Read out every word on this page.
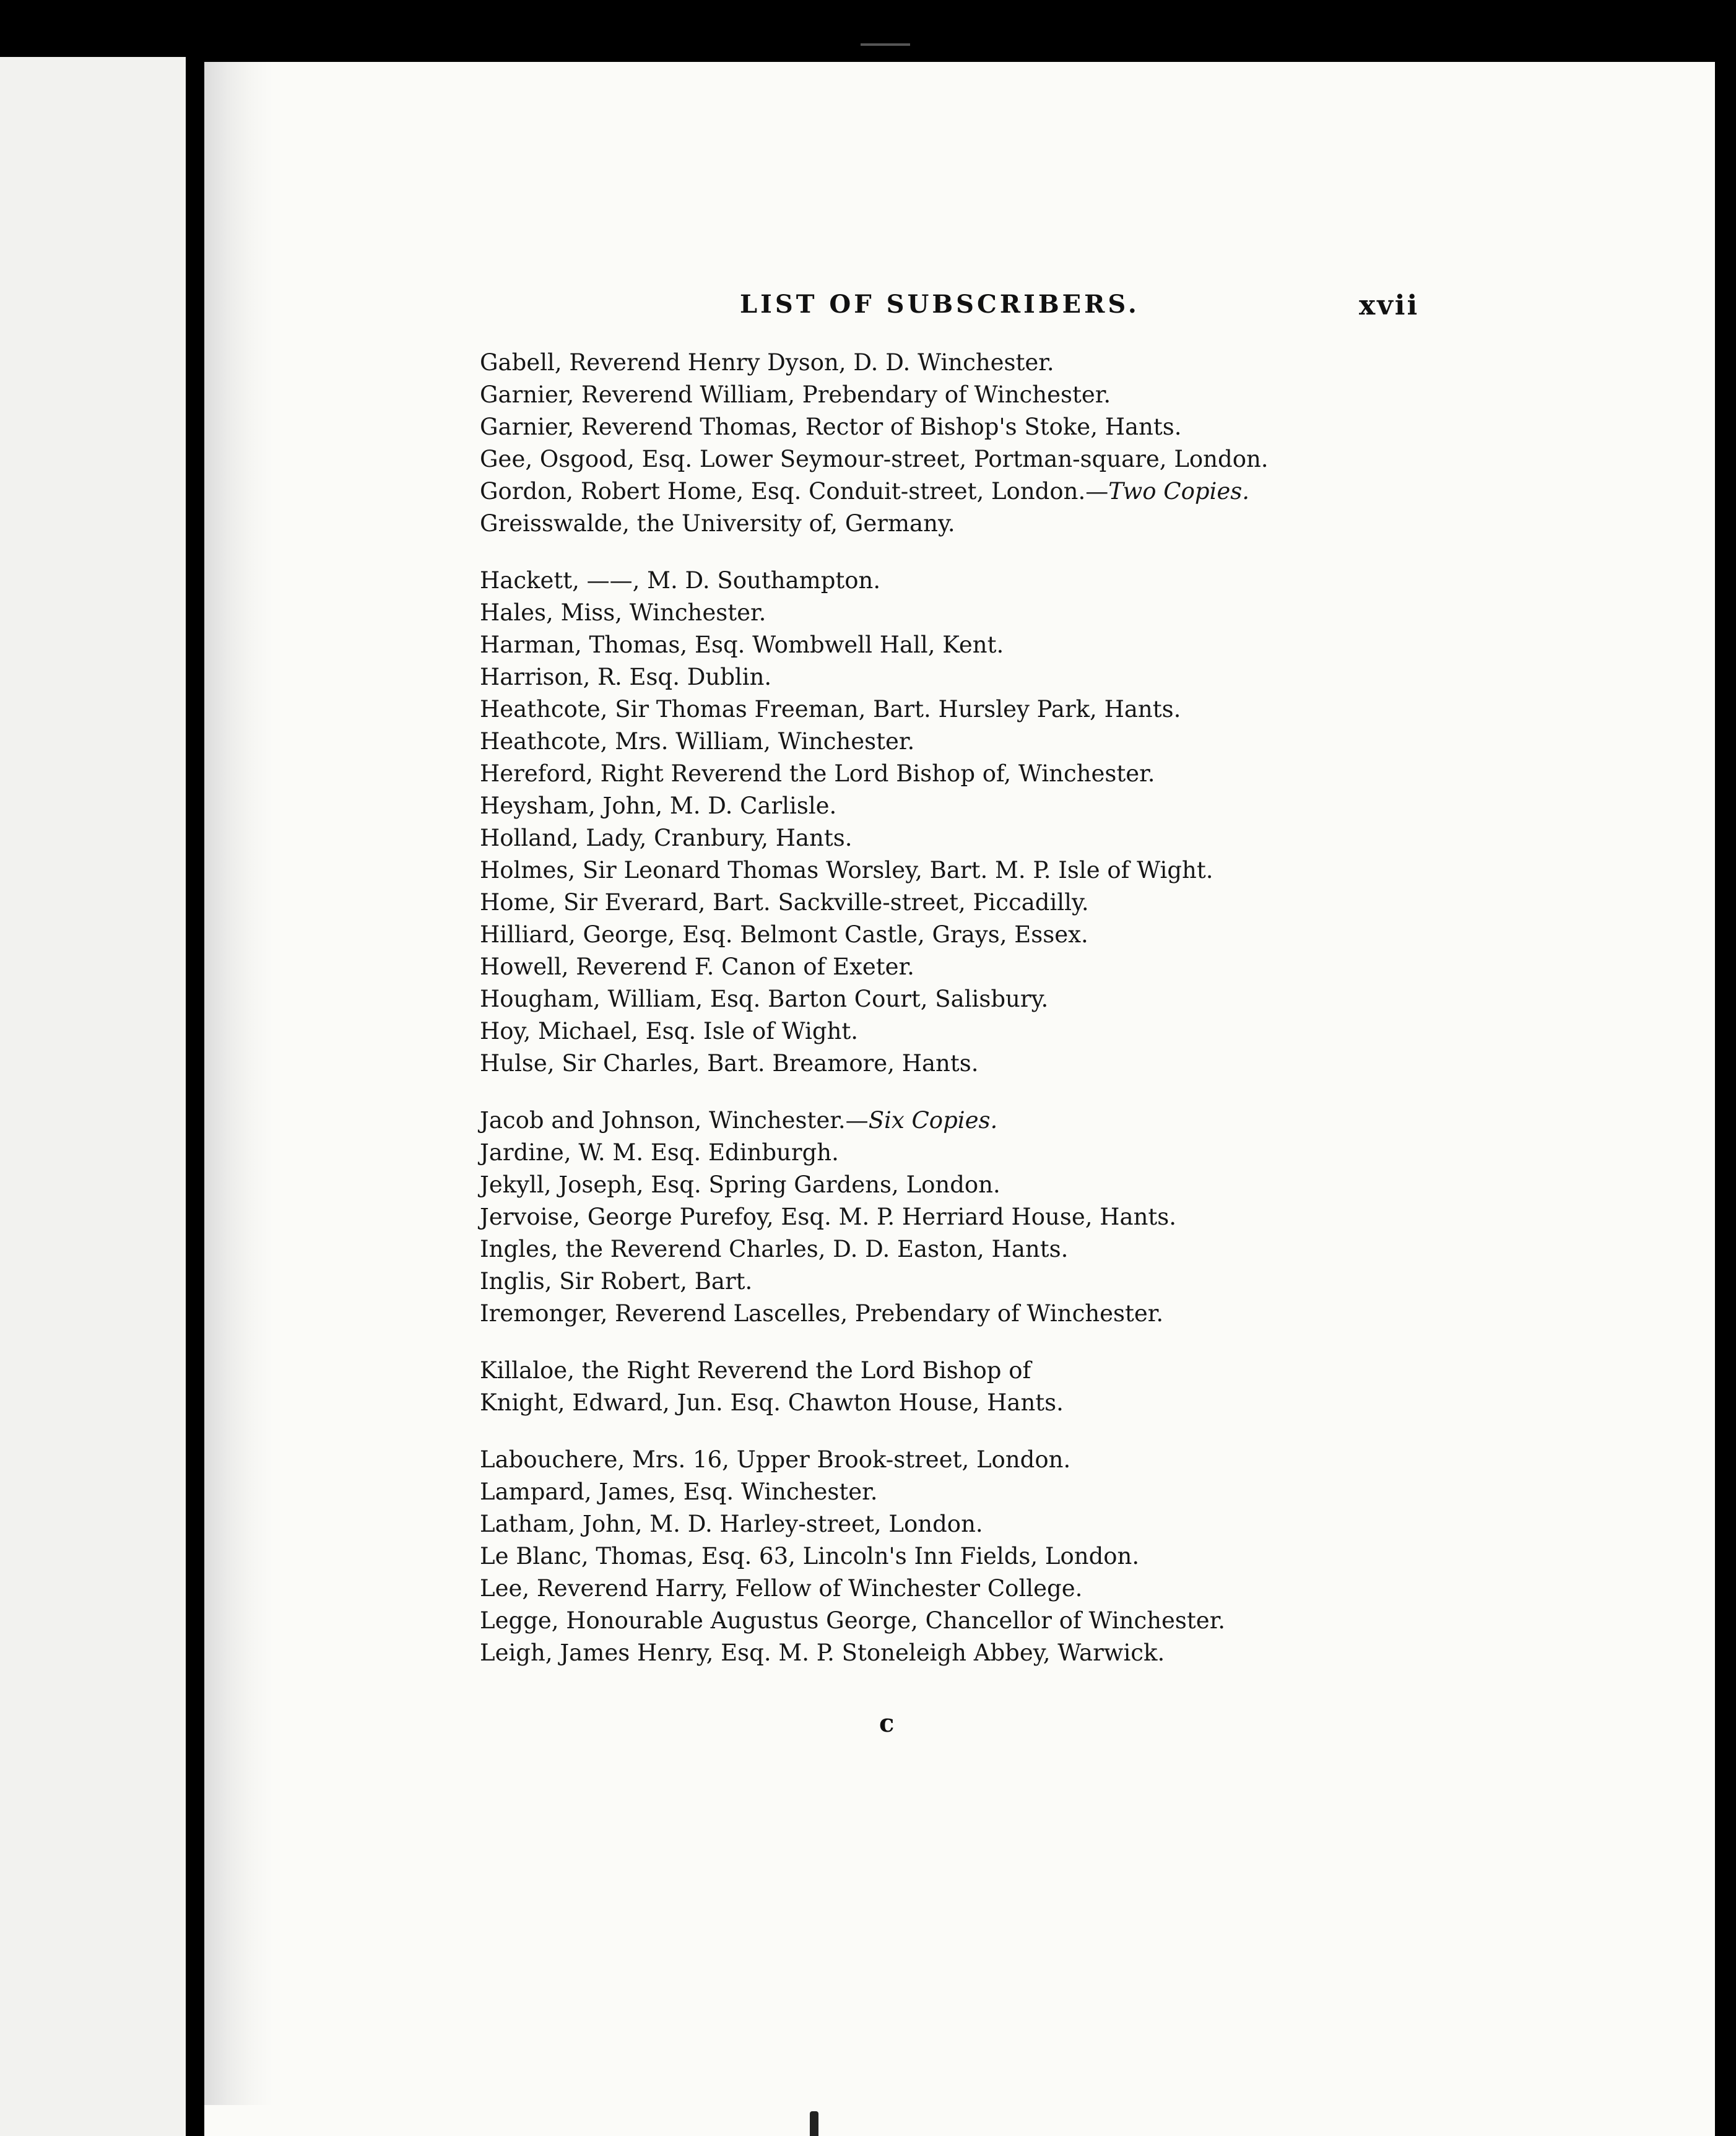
LIST OF SUBSCRIBERS.	xvii
Gabell, Reverend Henry Dyson, D. D. Winchester.
Garnier, Reverend William, Prebendary of Winchester.
Garnier, Reverend Thomas, Rector of Bishop's Stoke, Hants.
Gee, Osgood, Esq. Lower Seymour-street, Portman-square, London.
Gordon, Robert Home, Esq. Conduit-street, London.—Two Copies.
Greisswalde, the University of, Germany.
Hackett, ——, M. D. Southampton.
Hales, Miss, Winchester.
Harman, Thomas, Esq. Wombwell Hall, Kent.
Harrison, R. Esq. Dublin.
Heathcote, Sir Thomas Freeman, Bart. Hursley Park, Hants.
Heathcote, Mrs. William, Winchester.
Hereford, Right Reverend the Lord Bishop of, Winchester.
Heysham, John, M. D. Carlisle.
Holland, Lady, Cranbury, Hants.
Holmes, Sir Leonard Thomas Worsley, Bart. M. P. Isle of Wight.
Home, Sir Everard, Bart. Sackville-street, Piccadilly.
Hilliard, George, Esq. Belmont Castle, Grays, Essex.
Howell, Reverend F. Canon of Exeter.
Hougham, William, Esq. Barton Court, Salisbury.
Hoy, Michael, Esq. Isle of Wight.
Hulse, Sir Charles, Bart. Breamore, Hants.
Jacob and Johnson, Winchester.—Six Copies.
Jardine, W. M. Esq. Edinburgh.
Jekyll, Joseph, Esq. Spring Gardens, London.
Jervoise, George Purefoy, Esq. M. P. Herriard House, Hants.
Ingles, the Reverend Charles, D. D. Easton, Hants.
Inglis, Sir Robert, Bart.
Iremonger, Reverend Lascelles, Prebendary of Winchester.
Killaloe, the Right Reverend the Lord Bishop of
Knight, Edward, Jun. Esq. Chawton House, Hants.
Labouchere, Mrs. 16, Upper Brook-street, London.
Lampard, James, Esq. Winchester.
Latham, John, M. D. Harley-street, London.
Le Blanc, Thomas, Esq. 63, Lincoln's Inn Fields, London.
Lee, Reverend Harry, Fellow of Winchester College.
Legge, Honourable Augustus George, Chancellor of Winchester.
Leigh, James Henry, Esq. M. P. Stoneleigh Abbey, Warwick.
c
